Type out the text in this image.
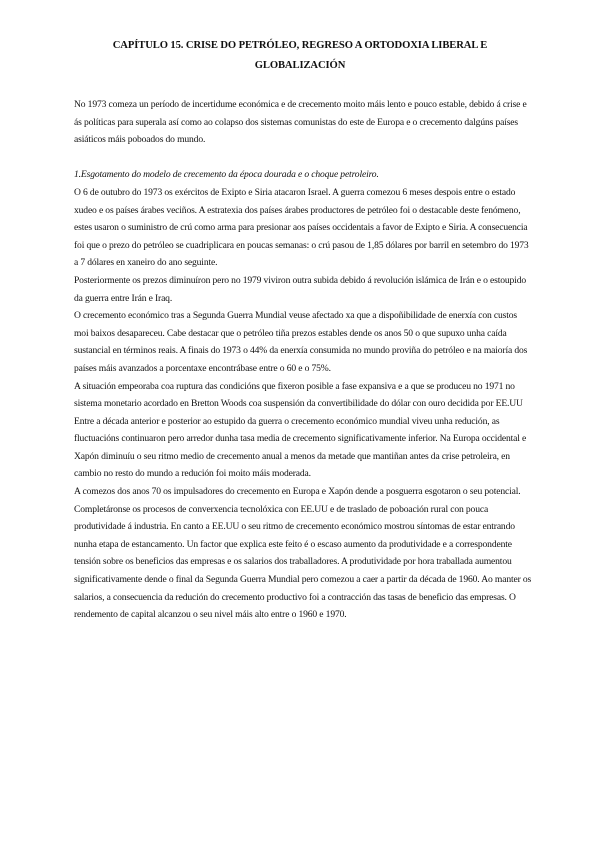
CAPÍTULO 15. CRISE DO PETRÓLEO, REGRESO A ORTODOXIA LIBERAL E GLOBALIZACIÓN

No 1973 comeza un período de incertidume económica e de crecemento moito máis lento e pouco estable, debido á crise e ás políticas para superala así como ao colapso dos sistemas comunistas do este de Europa e o crecemento dalgúns países asiáticos máis poboados do mundo.

1.Esgotamento do modelo de crecemento da época dourada e o choque petroleiro.

O 6 de outubro do 1973 os exércitos de Exipto e Siria atacaron Israel. A guerra comezou 6 meses despois entre o estado xudeo e os países árabes veciños. A estratexia dos países árabes productores de petróleo foi o destacable deste fenómeno, estes usaron o suministro de crú como arma para presionar aos países occidentais a favor de Exipto e Siria. A consecuencia foi que o prezo do petróleo se cuadriplicara en poucas semanas: o crú pasou de 1,85 dólares por barril en setembro do 1973 a 7 dólares en xaneiro do ano seguinte.

Posteriormente os prezos diminuíron pero no 1979 viviron outra subida debido á revolución islámica de Irán e o estoupido da guerra entre Irán e Iraq.

O crecemento económico tras a Segunda Guerra Mundial veuse afectado xa que a dispoñibilidade de enerxía con custos moi baixos desapareceu. Cabe destacar que o petróleo tiña prezos estables dende os anos 50 o que supuxo unha caída sustancial en términos reais. A finais do 1973 o 44% da enerxía consumida no mundo proviña do petróleo e na maioría dos países máis avanzados a porcentaxe encontrábase entre o 60 e o 75%.

A situación empeoraba coa ruptura das condicións que fixeron posible a fase expansiva e a que se produceu no 1971 no sistema monetario acordado en Bretton Woods coa suspensión da convertibilidade do dólar con ouro decidida por EE.UU

Entre a década anterior e posterior ao estupido da guerra o crecemento económico mundial viveu unha redución, as fluctuacións continuaron pero arredor dunha tasa media de crecemento significativamente inferior. Na Europa occidental e Xapón diminuíu o seu ritmo medio de crecemento anual a menos da metade que mantiñan antes da crise petroleira, en cambio no resto do mundo a redución foi moito máis moderada.

A comezos dos anos 70 os impulsadores do crecemento en Europa e Xapón dende a posguerra esgotaron o seu potencial. Completáronse os procesos de converxencia tecnolóxica con EE.UU e de traslado de poboación rural con pouca produtividade á industria. En canto a EE.UU o seu ritmo de crecemento económico mostrou síntomas de estar entrando nunha etapa de estancamento. Un factor que explica este feito é o escaso aumento da produtividade e a correspondente tensión sobre os beneficios das empresas e os salarios dos traballadores. A produtividade por hora traballada aumentou significativamente dende o final da Segunda Guerra Mundial pero comezou a caer a partir da década de 1960. Ao manter os salarios, a consecuencia da redución do crecemento productivo foi a contracción das tasas de beneficio das empresas. O rendemento de capital alcanzou o seu nivel máis alto entre o 1960 e 1970.
